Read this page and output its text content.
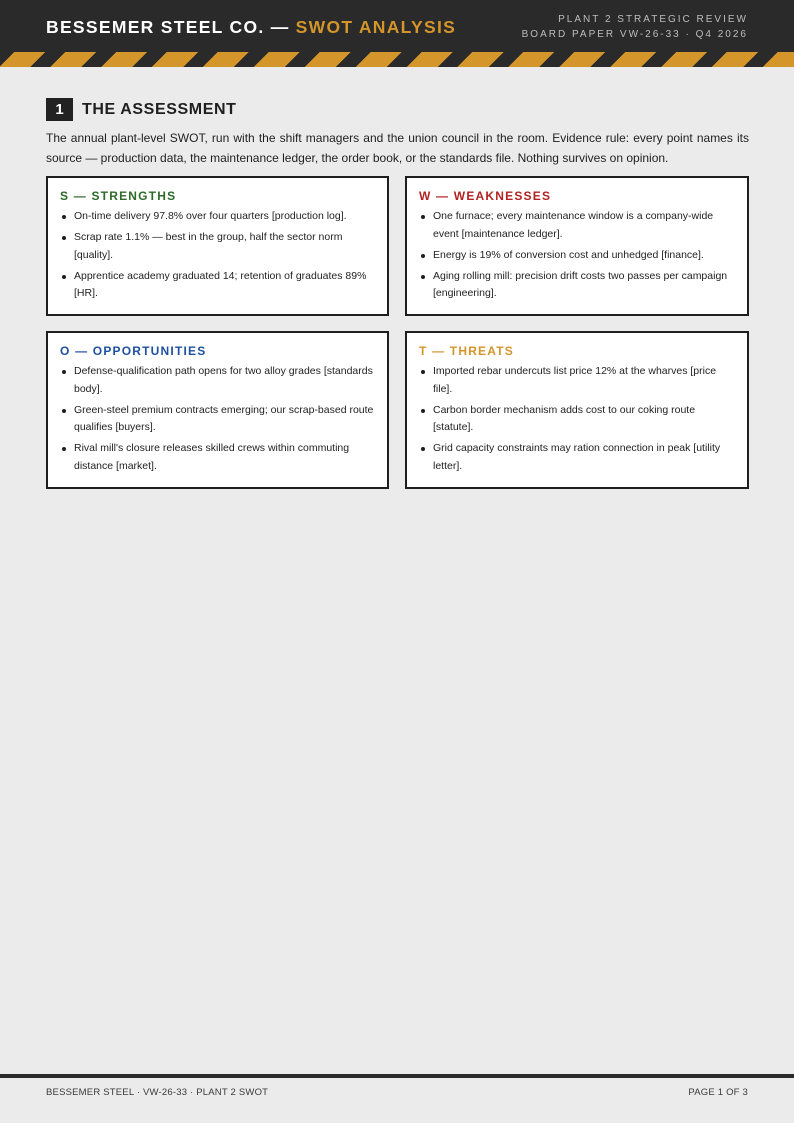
BESSEMER STEEL CO. — SWOT ANALYSIS	PLANT 2 STRATEGIC REVIEW
BOARD PAPER VW-26-33 · Q4 2026
1	THE ASSESSMENT

The annual plant-level SWOT, run with the shift managers and the union council in the room. Evidence rule: every point names its source — production data, the maintenance ledger, the order book, or the standards file. Nothing survives on opinion.

S — STRENGTHS
On-time delivery 97.8% over four quarters [production log].
Scrap rate 1.1% — best in the group, half the sector norm [quality].
Apprentice academy graduated 14; retention of graduates 89% [HR].
W — WEAKNESSES
One furnace; every maintenance window is a company-wide event [maintenance ledger].
Energy is 19% of conversion cost and unhedged [finance].
Aging rolling mill: precision drift costs two passes per campaign [engineering].
O — OPPORTUNITIES
Defense-qualification path opens for two alloy grades [standards body].
Green-steel premium contracts emerging; our scrap-based route qualifies [buyers].
Rival mill's closure releases skilled crews within commuting distance [market].
T — THREATS
Imported rebar undercuts list price 12% at the wharves [price file].
Carbon border mechanism adds cost to our coking route [statute].
Grid capacity constraints may ration connection in peak [utility letter].
BESSEMER STEEL · VW-26-33 · PLANT 2 SWOT	PAGE 1 OF 3
